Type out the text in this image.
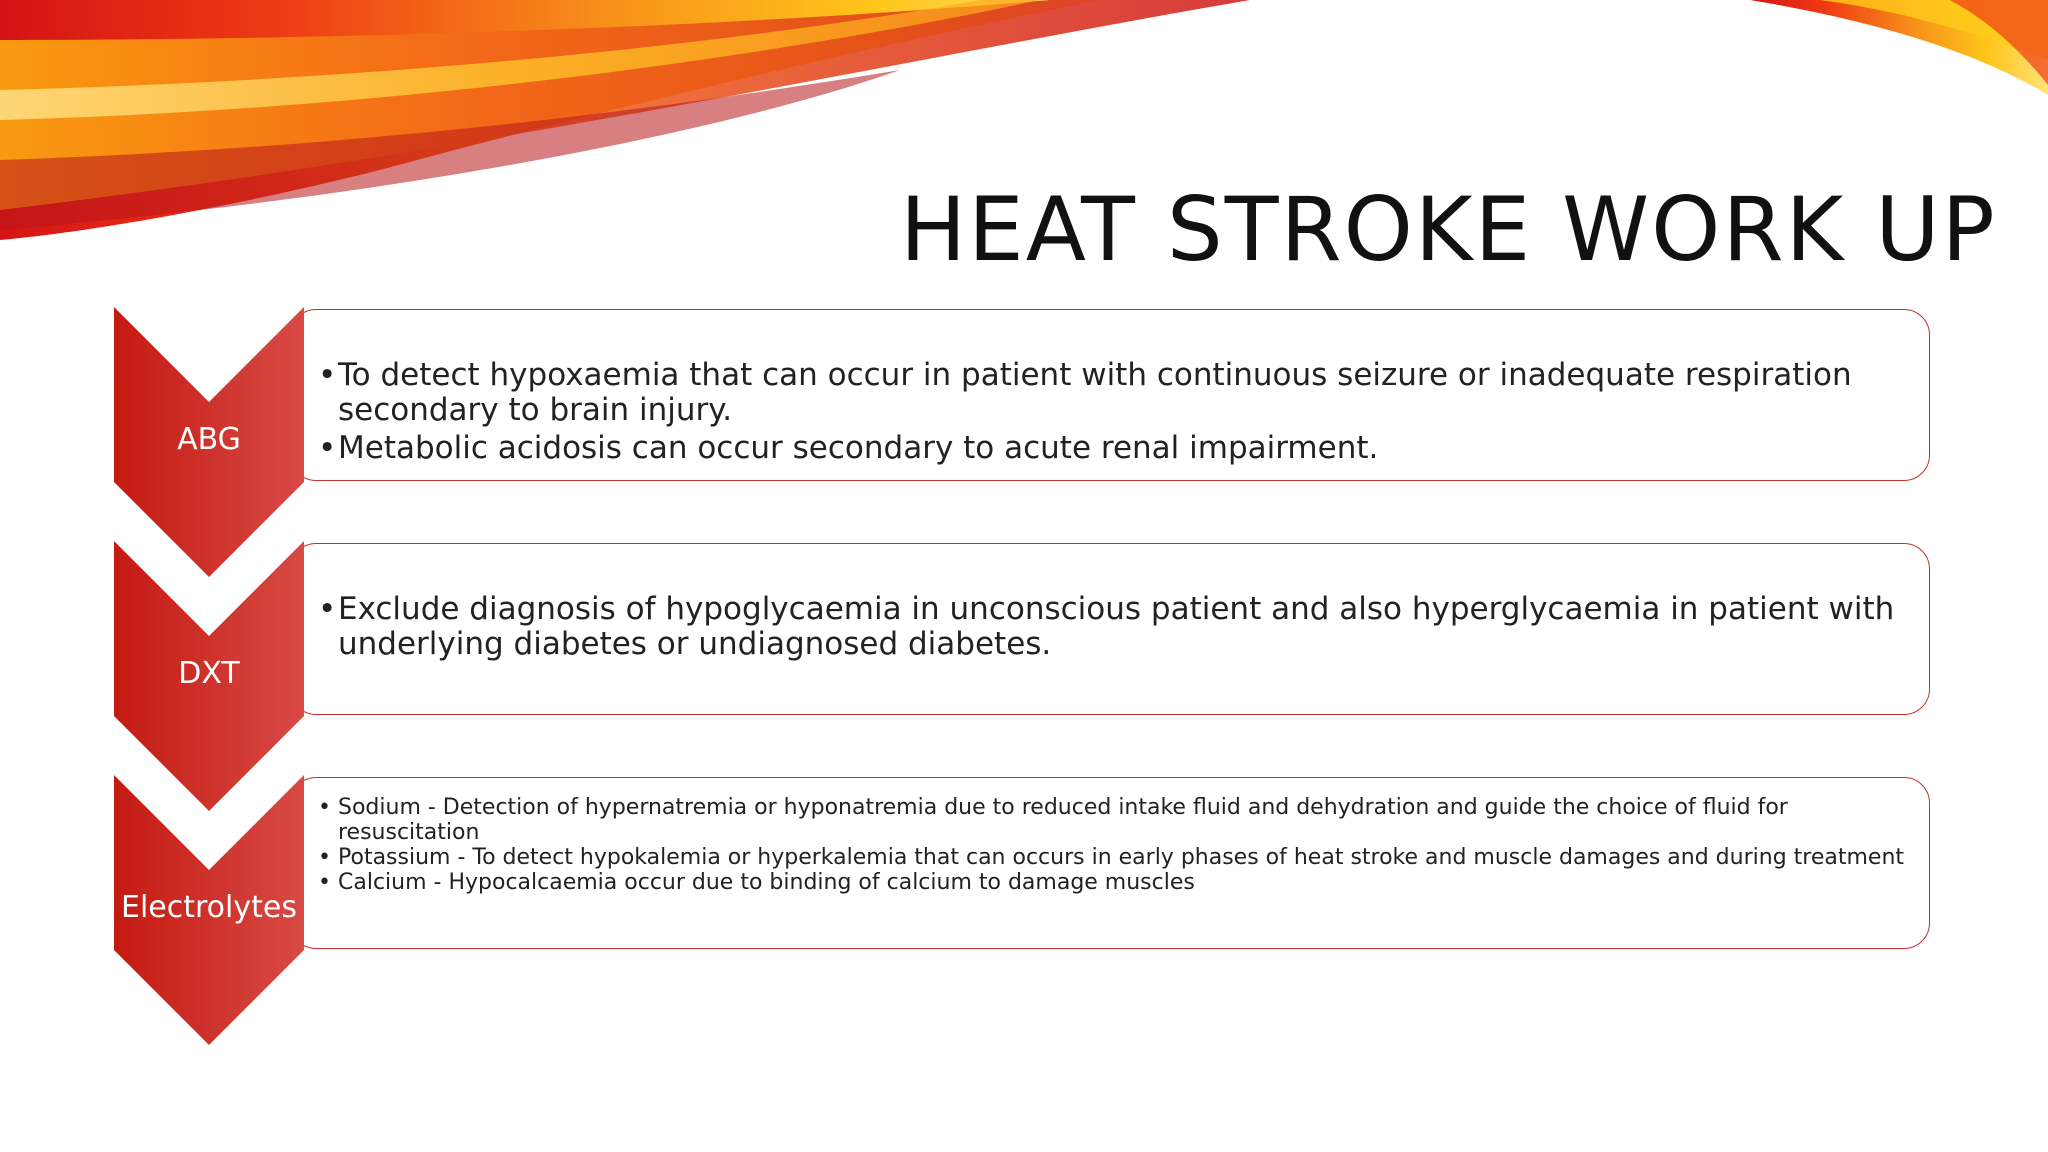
HEAT STROKE WORK UP
ABG
• To detect hypoxaemia that can occur in patient with continuous seizure or inadequate respiration secondary to brain injury.
• Metabolic acidosis can occur secondary to acute renal impairment.
DXT
• Exclude diagnosis of hypoglycaemia in unconscious patient and also hyperglycaemia in patient with underlying diabetes or undiagnosed diabetes.
Electrolytes
• Sodium - Detection of hypernatremia or hyponatremia due to reduced intake fluid and dehydration and guide the choice of fluid for resuscitation
• Potassium - To detect hypokalemia or hyperkalemia that can occurs in early phases of heat stroke and muscle damages and during treatment
• Calcium - Hypocalcaemia occur due to binding of calcium to damage muscles
